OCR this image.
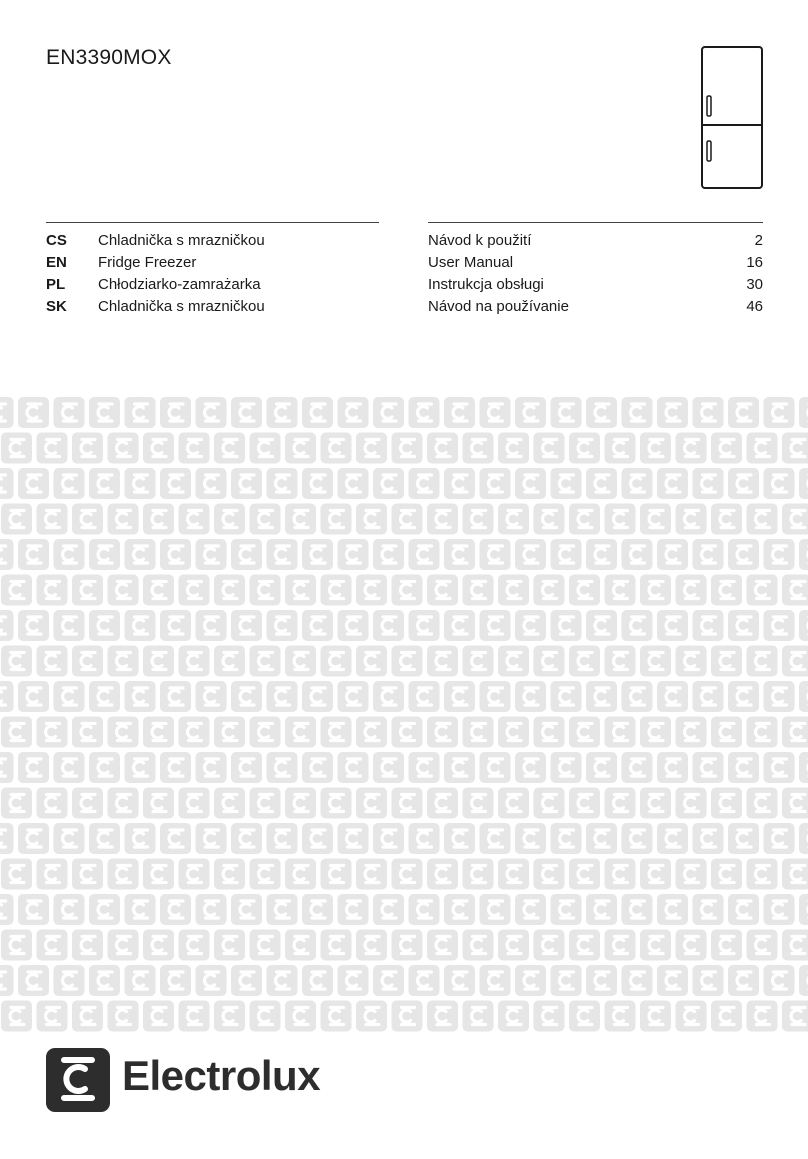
EN3390MOX
CS Chladnička s mrazničkou	Návod k použití	2
EN Fridge Freezer	User Manual	16
PL Chłodziarko-zamrażarka	Instrukcja obsługi	30
SK Chladnička s mrazničkou	Návod na používanie	46
Electrolux
